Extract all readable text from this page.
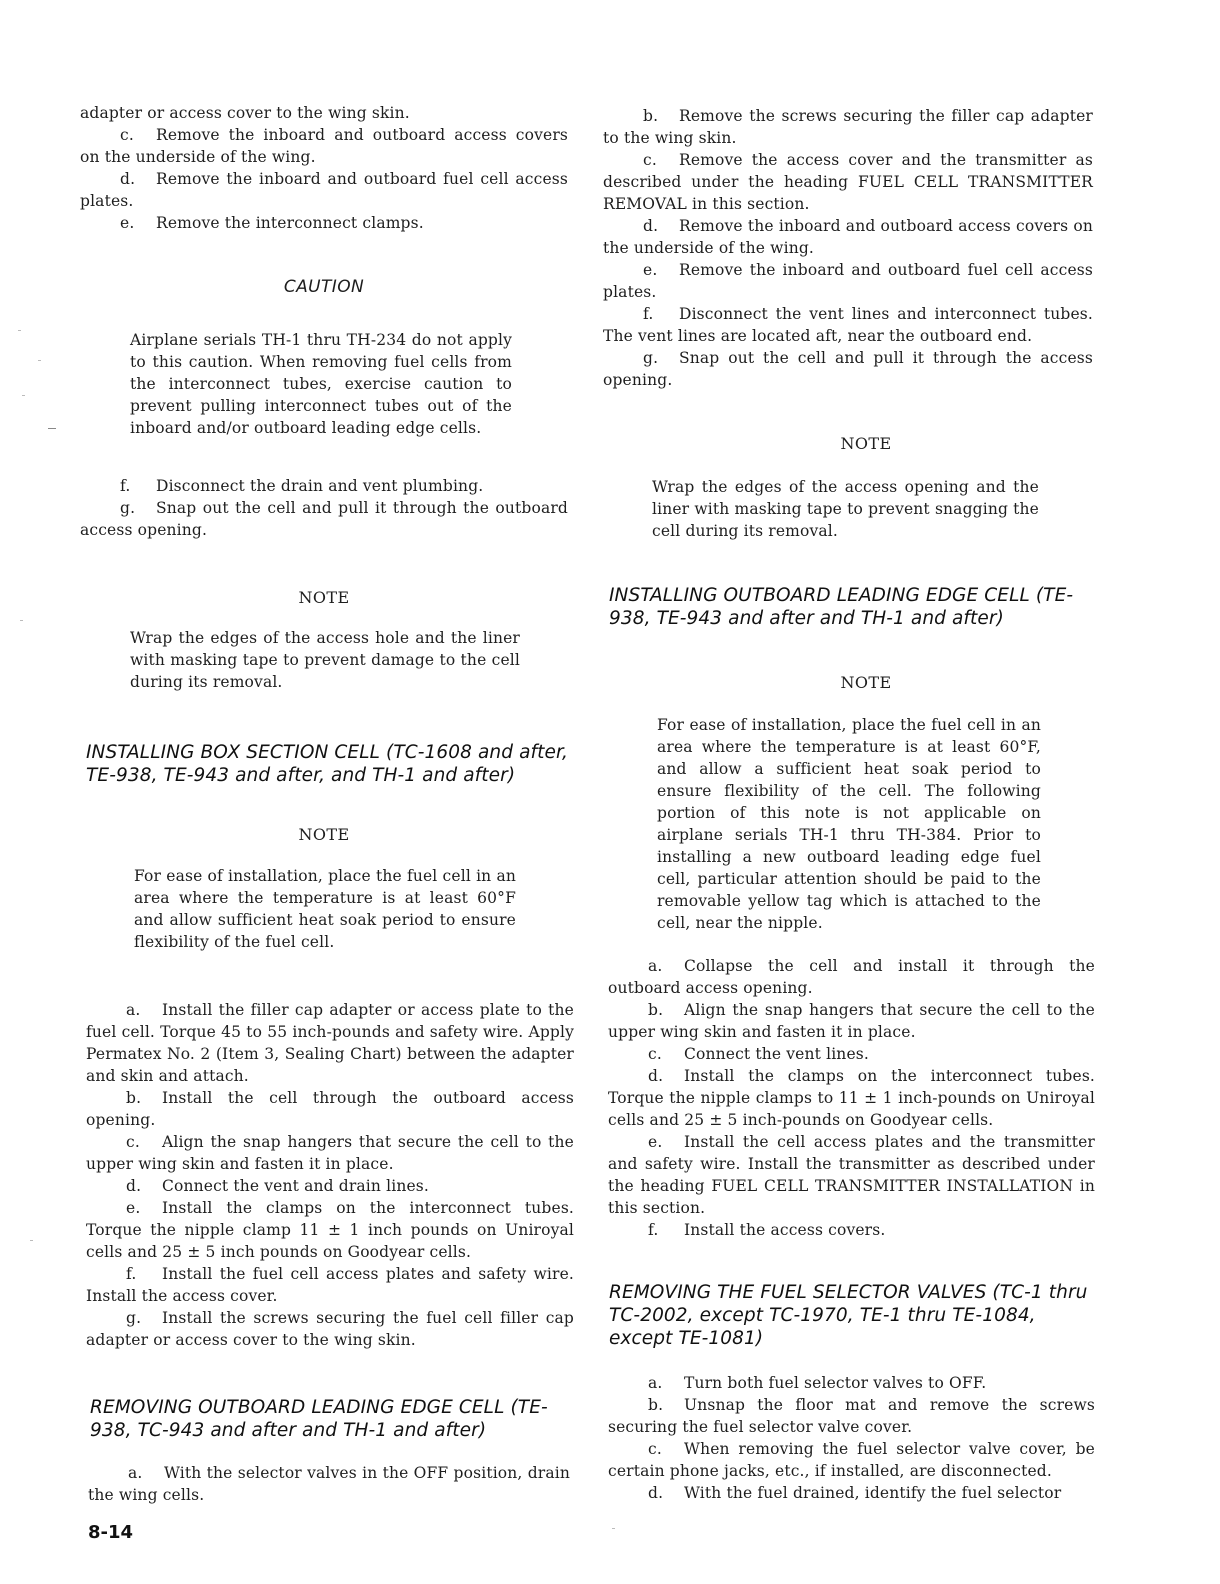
adapter or access cover to the wing skin.

c. Remove the inboard and outboard access covers on the underside of the wing.

d. Remove the inboard and outboard fuel cell access plates.

e. Remove the interconnect clamps.

CAUTION

Airplane serials TH-1 thru TH-234 do not apply to this caution. When removing fuel cells from the interconnect tubes, exercise caution to prevent pulling interconnect tubes out of the inboard and/or outboard leading edge cells.

f. Disconnect the drain and vent plumbing.

g. Snap out the cell and pull it through the outboard access opening.

NOTE

Wrap the edges of the access hole and the liner with masking tape to prevent damage to the cell during its removal.

INSTALLING BOX SECTION CELL (TC-1608 and after, TE-938, TE-943 and after, and TH-1 and after)

NOTE

For ease of installation, place the fuel cell in an area where the temperature is at least 60°F and allow sufficient heat soak period to ensure flexibility of the fuel cell.

a. Install the filler cap adapter or access plate to the fuel cell. Torque 45 to 55 inch-pounds and safety wire. Apply Permatex No. 2 (Item 3, Sealing Chart) between the adapter and skin and attach.

b. Install the cell through the outboard access opening.

c. Align the snap hangers that secure the cell to the upper wing skin and fasten it in place.

d. Connect the vent and drain lines.

e. Install the clamps on the interconnect tubes. Torque the nipple clamp 11 ± 1 inch pounds on Uniroyal cells and 25 ± 5 inch pounds on Goodyear cells.

f. Install the fuel cell access plates and safety wire. Install the access cover.

g. Install the screws securing the fuel cell filler cap adapter or access cover to the wing skin.

REMOVING OUTBOARD LEADING EDGE CELL (TE-938, TC-943 and after and TH-1 and after)

a. With the selector valves in the OFF position, drain the wing cells.

b. Remove the screws securing the filler cap adapter to the wing skin.

c. Remove the access cover and the transmitter as described under the heading FUEL CELL TRANSMITTER REMOVAL in this section.

d. Remove the inboard and outboard access covers on the underside of the wing.

e. Remove the inboard and outboard fuel cell access plates.

f. Disconnect the vent lines and interconnect tubes. The vent lines are located aft, near the outboard end.

g. Snap out the cell and pull it through the access opening.

NOTE

Wrap the edges of the access opening and the liner with masking tape to prevent snagging the cell during its removal.

INSTALLING OUTBOARD LEADING EDGE CELL (TE-938, TE-943 and after and TH-1 and after)

NOTE

For ease of installation, place the fuel cell in an area where the temperature is at least 60°F, and allow a sufficient heat soak period to ensure flexibility of the cell. The following portion of this note is not applicable on airplane serials TH-1 thru TH-384. Prior to installing a new outboard leading edge fuel cell, particular attention should be paid to the removable yellow tag which is attached to the cell, near the nipple.

a. Collapse the cell and install it through the outboard access opening.

b. Align the snap hangers that secure the cell to the upper wing skin and fasten it in place.

c. Connect the vent lines.

d. Install the clamps on the interconnect tubes. Torque the nipple clamps to 11 ± 1 inch-pounds on Uniroyal cells and 25 ± 5 inch-pounds on Goodyear cells.

e. Install the cell access plates and the transmitter and safety wire. Install the transmitter as described under the heading FUEL CELL TRANSMITTER INSTALLATION in this section.

f. Install the access covers.

REMOVING THE FUEL SELECTOR VALVES (TC-1 thru TC-2002, except TC-1970, TE-1 thru TE-1084, except TE-1081)

a. Turn both fuel selector valves to OFF.

b. Unsnap the floor mat and remove the screws securing the fuel selector valve cover.

c. When removing the fuel selector valve cover, be certain phone jacks, etc., if installed, are disconnected.

d. With the fuel drained, identify the fuel selector

8-14
